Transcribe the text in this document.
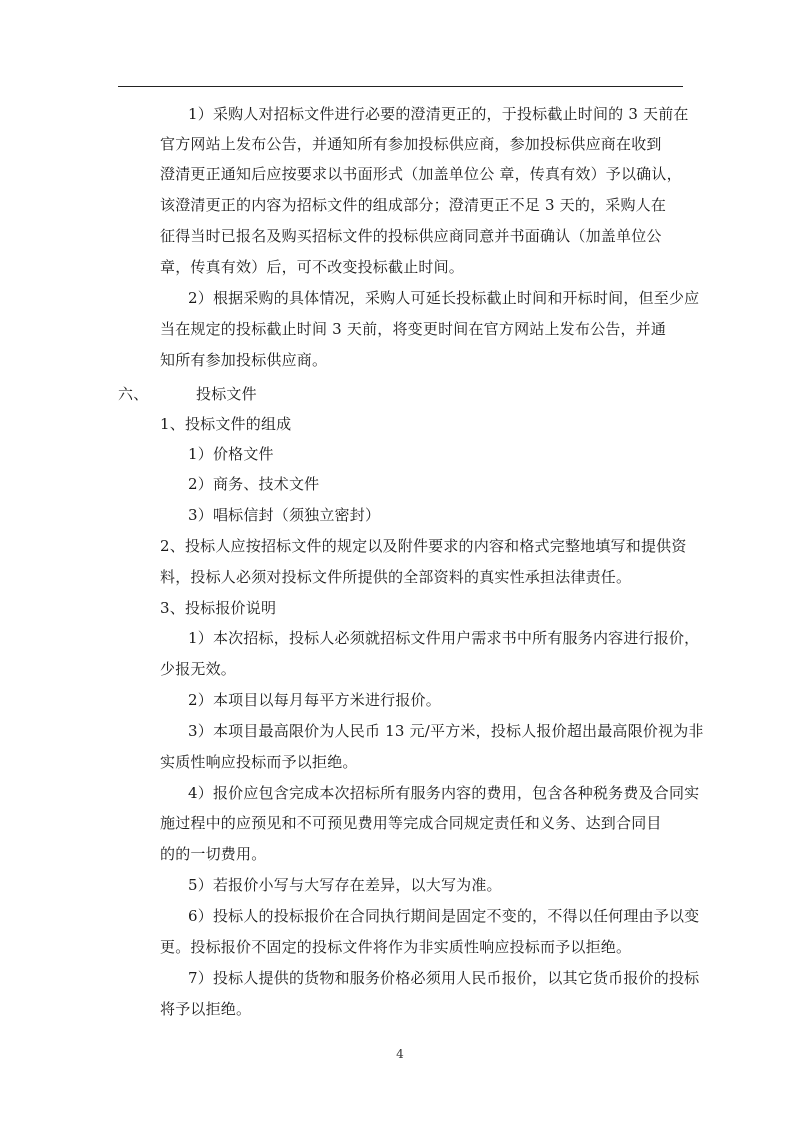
1）采购人对招标文件进行必要的澄清更正的，于投标截止时间的 3 天前在
官方网站上发布公告，并通知所有参加投标供应商，参加投标供应商在收到
澄清更正通知后应按要求以书面形式（加盖单位公 章，传真有效）予以确认，
该澄清更正的内容为招标文件的组成部分；澄清更正不足 3 天的，采购人在
征得当时已报名及购买招标文件的投标供应商同意并书面确认（加盖单位公
章，传真有效）后，可不改变投标截止时间。
2）根据采购的具体情况，采购人可延长投标截止时间和开标时间，但至少应
当在规定的投标截止时间 3 天前，将变更时间在官方网站上发布公告，并通
知所有参加投标供应商。
六、	投标文件
1、投标文件的组成
1）价格文件
2）商务、技术文件
3）唱标信封（须独立密封）
2、投标人应按招标文件的规定以及附件要求的内容和格式完整地填写和提供资
料，投标人必须对投标文件所提供的全部资料的真实性承担法律责任。
3、投标报价说明
1）本次招标，投标人必须就招标文件用户需求书中所有服务内容进行报价，
少报无效。
2）本项目以每月每平方米进行报价。
3）本项目最高限价为人民币 13 元/平方米，投标人报价超出最高限价视为非
实质性响应投标而予以拒绝。
4）报价应包含完成本次招标所有服务内容的费用，包含各种税务费及合同实
施过程中的应预见和不可预见费用等完成合同规定责任和义务、达到合同目
的的一切费用。
5）若报价小写与大写存在差异，以大写为准。
6）投标人的投标报价在合同执行期间是固定不变的，不得以任何理由予以变
更。投标报价不固定的投标文件将作为非实质性响应投标而予以拒绝。
7）投标人提供的货物和服务价格必须用人民币报价，以其它货币报价的投标
将予以拒绝。
4
